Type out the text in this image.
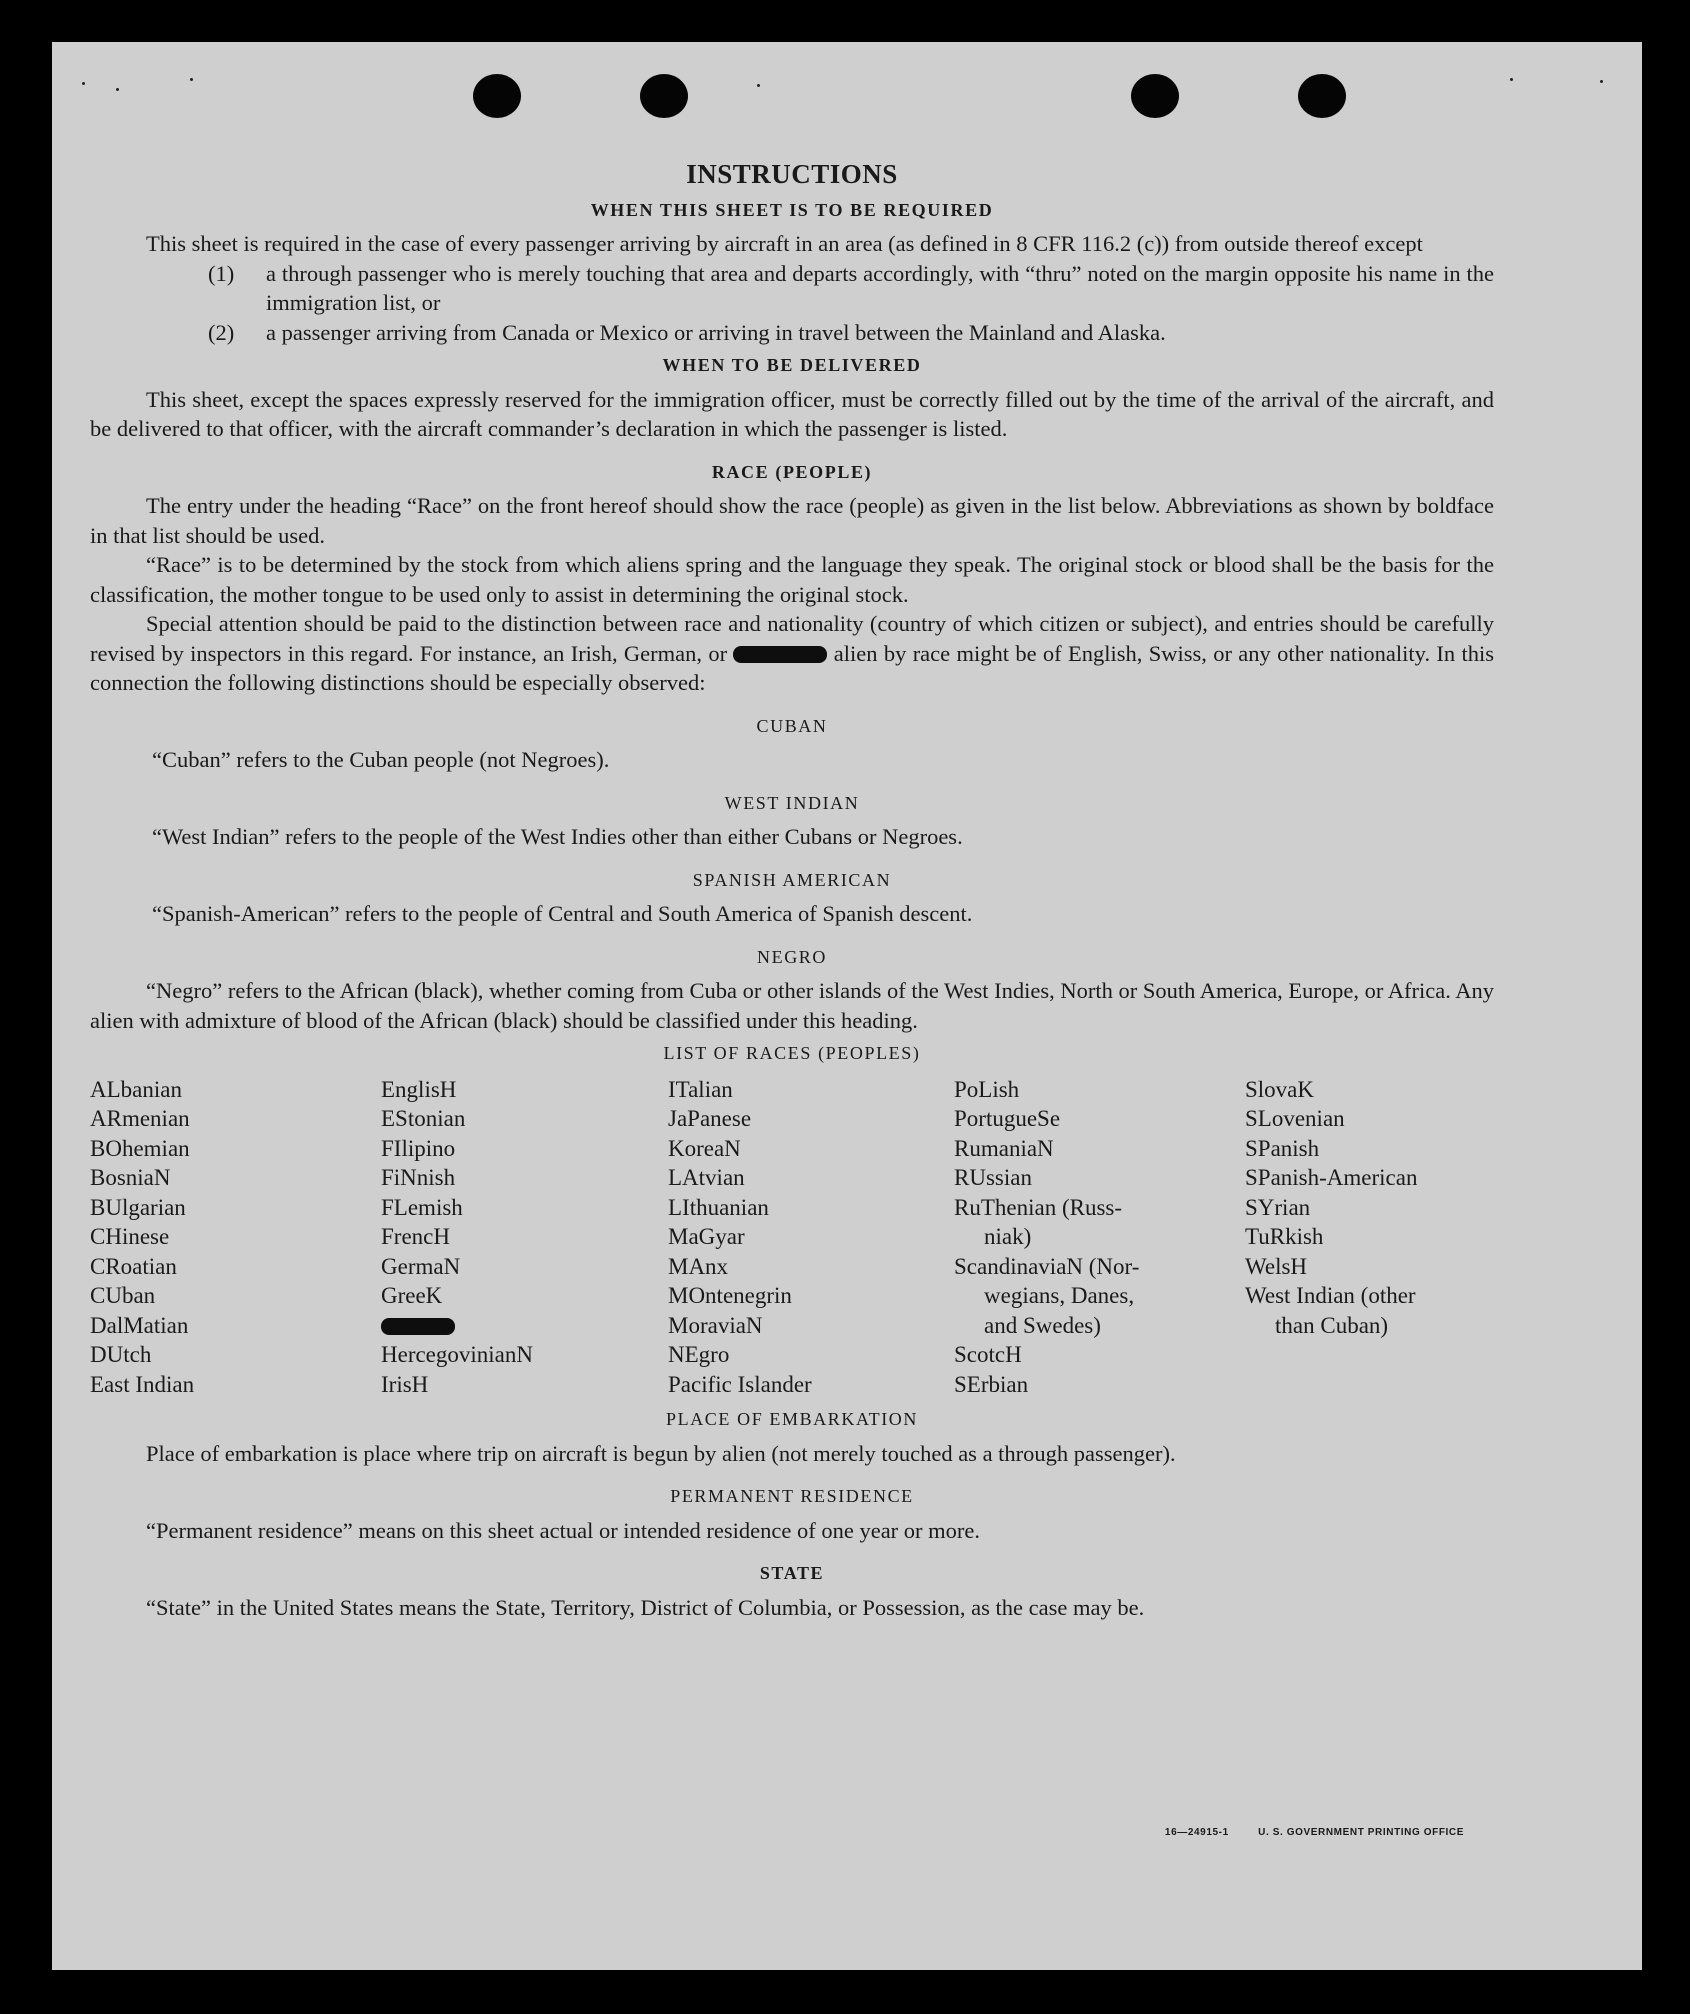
INSTRUCTIONS
WHEN THIS SHEET IS TO BE REQUIRED

This sheet is required in the case of every passenger arriving by aircraft in an area (as defined in 8 CFR 116.2 (c)) from outside thereof except

(1)	a through passenger who is merely touching that area and departs accordingly, with “thru” noted on the margin opposite his name in the immigration list, or
(2)	a passenger arriving from Canada or Mexico or arriving in travel between the Mainland and Alaska.
WHEN TO BE DELIVERED

This sheet, except the spaces expressly reserved for the immigration officer, must be correctly filled out by the time of the arrival of the aircraft, and be delivered to that officer, with the aircraft commander’s declaration in which the passenger is listed.

RACE (PEOPLE)

The entry under the heading “Race” on the front hereof should show the race (people) as given in the list below. Abbreviations as shown by boldface in that list should be used.

“Race” is to be determined by the stock from which aliens spring and the language they speak. The original stock or blood shall be the basis for the classification, the mother tongue to be used only to assist in determining the original stock.

Special attention should be paid to the distinction between race and nationality (country of which citizen or subject), and entries should be carefully revised by inspectors in this regard. For instance, an Irish, German, or	alien by race might be of English, Swiss, or any other nationality. In this connection the following distinctions should be especially observed:

CUBAN

“Cuban” refers to the Cuban people (not Negroes).

WEST INDIAN

“West Indian” refers to the people of the West Indies other than either Cubans or Negroes.

SPANISH AMERICAN

“Spanish-American” refers to the people of Central and South America of Spanish descent.

NEGRO

“Negro” refers to the African (black), whether coming from Cuba or other islands of the West Indies, North or South America, Europe, or Africa. Any alien with admixture of blood of the African (black) should be classified under this heading.

LIST OF RACES (PEOPLES)
ALbanian
ARmenian
BOhemian
BosniaN
BUlgarian
CHinese
CRoatian
CUban
DalMatian
DUtch
East Indian
EnglisH
EStonian
FIlipino
FiNnish
FLemish
FrencH
GermaN
GreeK
HercegovinianN
IrisH
ITalian
JaPanese
KoreaN
LAtvian
LIthuanian
MaGyar
MAnx
MOntenegrin
MoraviaN
NEgro
Pacific Islander
PoLish
PortugueSe
RumaniaN
RUssian
RuThenian (Russ-
niak)
ScandinaviaN (Nor-
wegians, Danes,
and Swedes)
ScotcH
SErbian
SlovaK
SLovenian
SPanish
SPanish-American
SYrian
TuRkish
WelsH
West Indian (other
than Cuban)
PLACE OF EMBARKATION

Place of embarkation is place where trip on aircraft is begun by alien (not merely touched as a through passenger).

PERMANENT RESIDENCE

“Permanent residence” means on this sheet actual or intended residence of one year or more.

STATE

“State” in the United States means the State, Territory, District of Columbia, or Possession, as the case may be.

16—24915-1	U. S. GOVERNMENT PRINTING OFFICE
